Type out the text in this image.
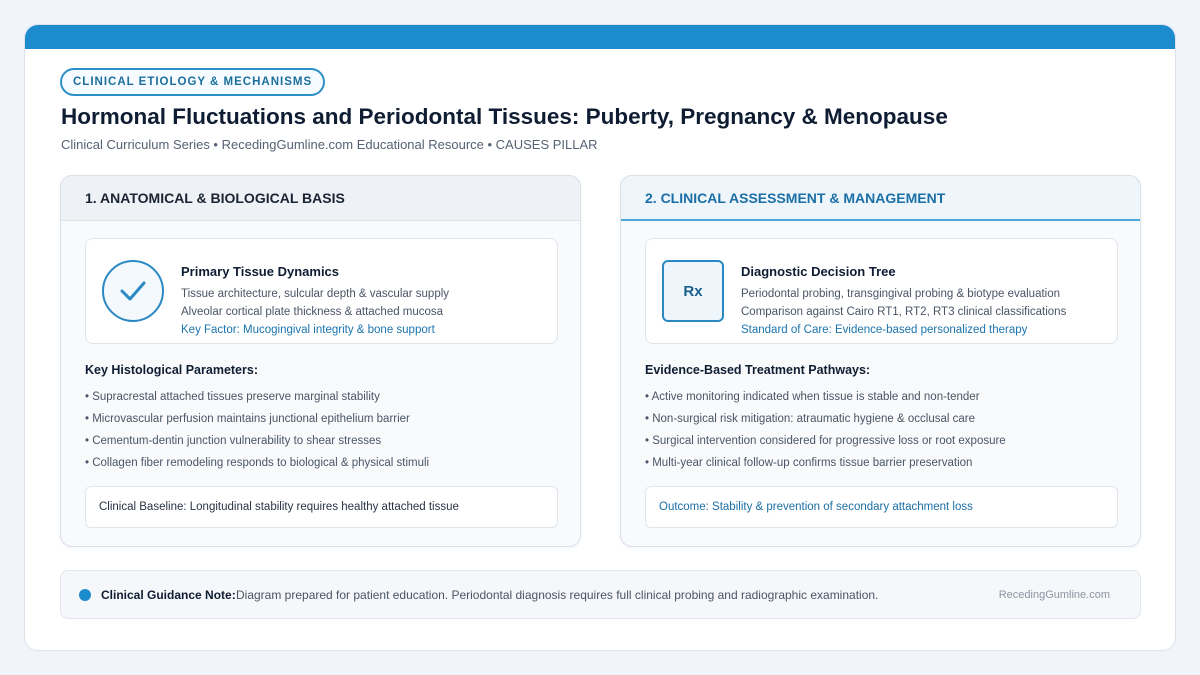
CLINICAL ETIOLOGY & MECHANISMS
Hormonal Fluctuations and Periodontal Tissues: Puberty, Pregnancy & Menopause
Clinical Curriculum Series • RecedingGumline.com Educational Resource • CAUSES PILLAR
1. ANATOMICAL & BIOLOGICAL BASIS
Primary Tissue Dynamics
Tissue architecture, sulcular depth & vascular supply
Alveolar cortical plate thickness & attached mucosa
Key Factor: Mucogingival integrity & bone support
Key Histological Parameters:
• Supracrestal attached tissues preserve marginal stability
• Microvascular perfusion maintains junctional epithelium barrier
• Cementum-dentin junction vulnerability to shear stresses
• Collagen fiber remodeling responds to biological & physical stimuli
Clinical Baseline: Longitudinal stability requires healthy attached tissue
2. CLINICAL ASSESSMENT & MANAGEMENT
Rx
Diagnostic Decision Tree
Periodontal probing, transgingival probing & biotype evaluation
Comparison against Cairo RT1, RT2, RT3 clinical classifications
Standard of Care: Evidence-based personalized therapy
Evidence-Based Treatment Pathways:
• Active monitoring indicated when tissue is stable and non-tender
• Non-surgical risk mitigation: atraumatic hygiene & occlusal care
• Surgical intervention considered for progressive loss or root exposure
• Multi-year clinical follow-up confirms tissue barrier preservation
Outcome: Stability & prevention of secondary attachment loss
Clinical Guidance Note: Diagram prepared for patient education. Periodontal diagnosis requires full clinical probing and radiographic examination.	RecedingGumline.com
